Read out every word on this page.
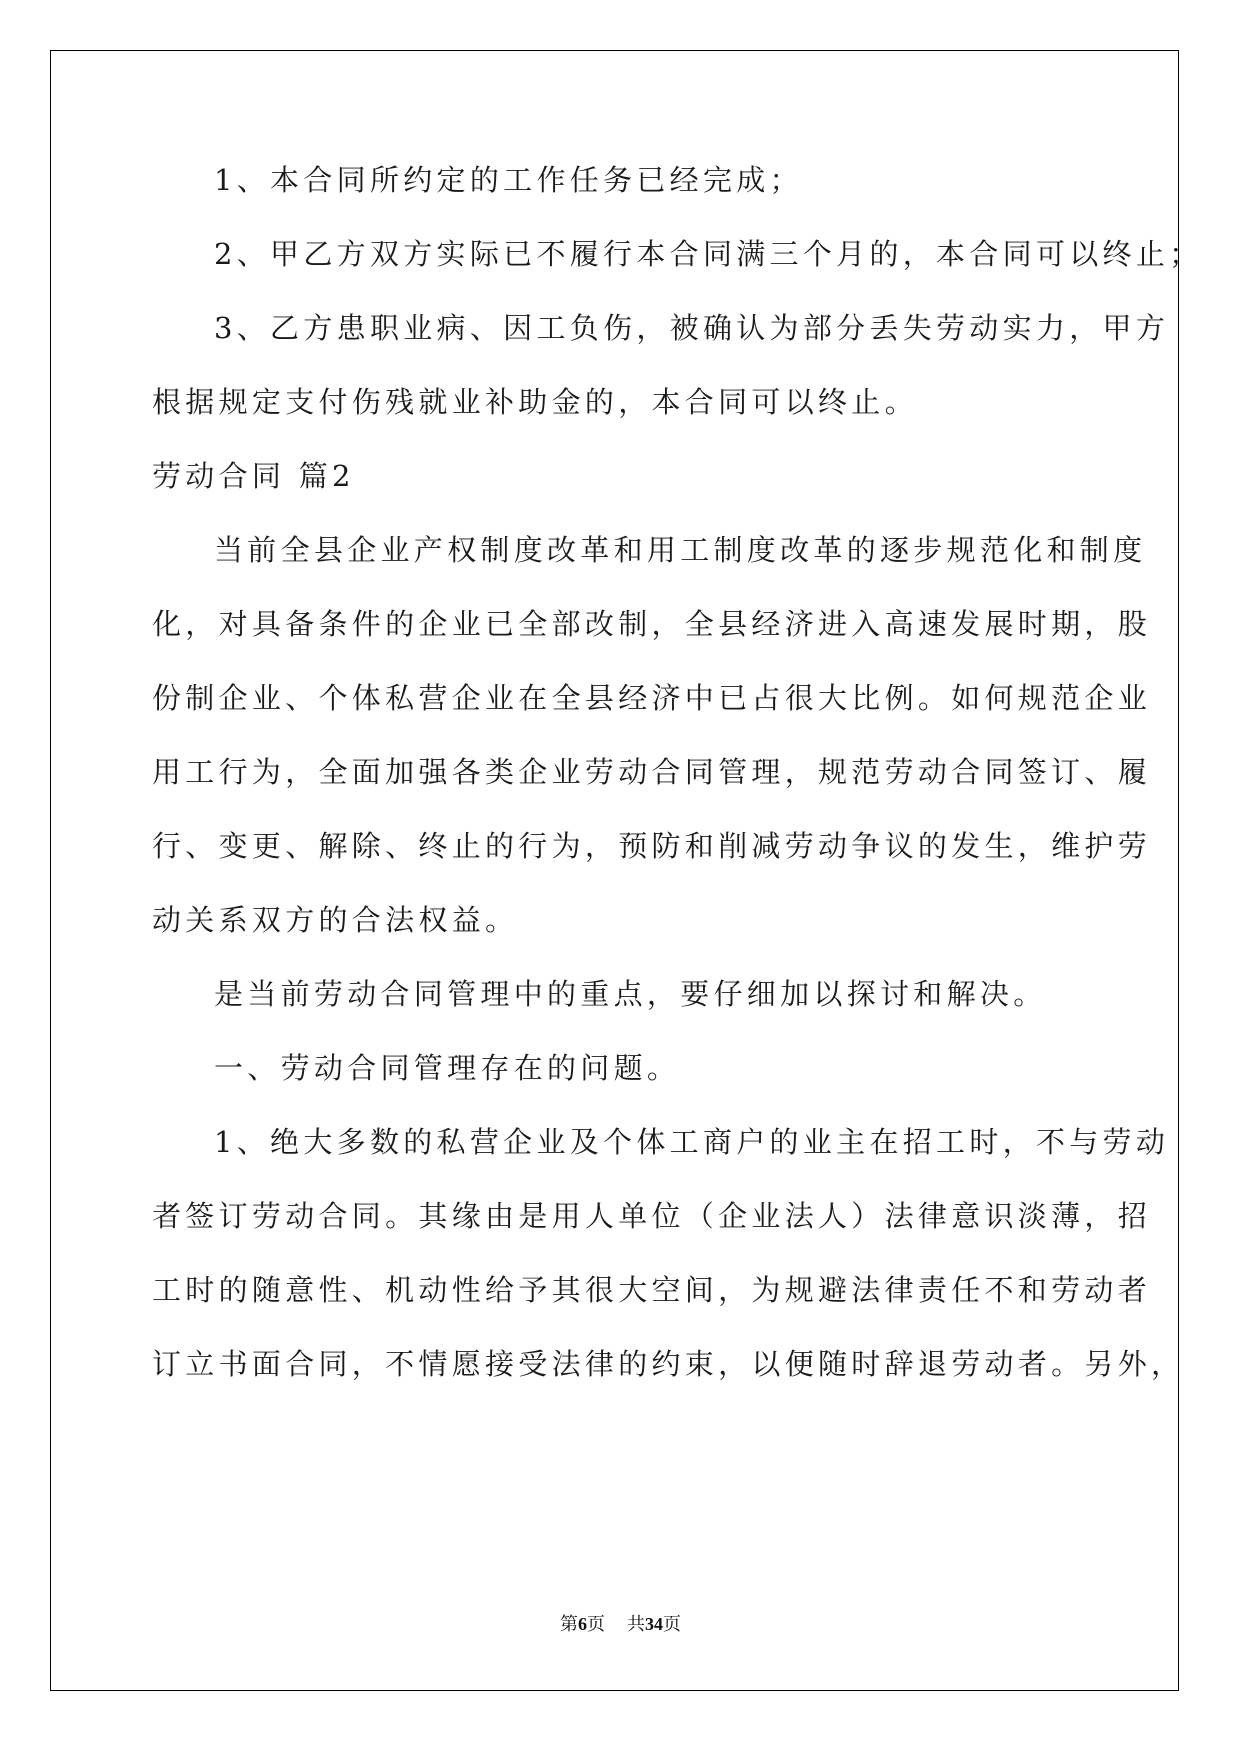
1、本合同所约定的工作任务已经完成；
2、甲乙方双方实际已不履行本合同满三个月的，本合同可以终止；
3、乙方患职业病、因工负伤，被确认为部分丢失劳动实力，甲方
根据规定支付伤残就业补助金的，本合同可以终止。
劳动合同 篇2
当前全县企业产权制度改革和用工制度改革的逐步规范化和制度
化，对具备条件的企业已全部改制，全县经济进入高速发展时期，股
份制企业、个体私营企业在全县经济中已占很大比例。如何规范企业
用工行为，全面加强各类企业劳动合同管理，规范劳动合同签订、履
行、变更、解除、终止的行为，预防和削减劳动争议的发生，维护劳
动关系双方的合法权益。
是当前劳动合同管理中的重点，要仔细加以探讨和解决。
一、劳动合同管理存在的问题。
1、绝大多数的私营企业及个体工商户的业主在招工时，不与劳动
者签订劳动合同。其缘由是用人单位（企业法人）法律意识淡薄，招
工时的随意性、机动性给予其很大空间，为规避法律责任不和劳动者
订立书面合同，不情愿接受法律的约束，以便随时辞退劳动者。另外，
第6页 共34页
